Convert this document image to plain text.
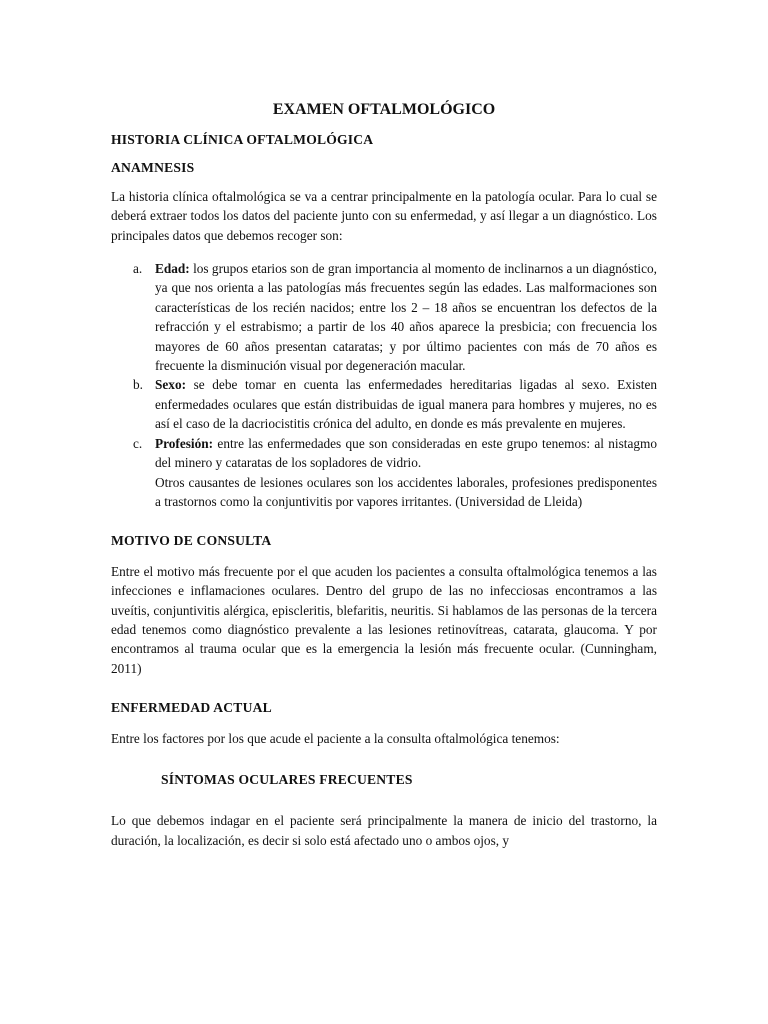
EXAMEN OFTALMOLÓGICO
HISTORIA CLÍNICA OFTALMOLÓGICA
ANAMNESIS

La historia clínica oftalmológica se va a centrar principalmente en la patología ocular. Para lo cual se deberá extraer todos los datos del paciente junto con su enfermedad, y así llegar a un diagnóstico. Los principales datos que debemos recoger son:

a. Edad: los grupos etarios son de gran importancia al momento de inclinarnos a un diagnóstico, ya que nos orienta a las patologías más frecuentes según las edades. Las malformaciones son características de los recién nacidos; entre los 2 – 18 años se encuentran los defectos de la refracción y el estrabismo; a partir de los 40 años aparece la presbicia; con frecuencia los mayores de 60 años presentan cataratas; y por último pacientes con más de 70 años es frecuente la disminución visual por degeneración macular.
b. Sexo: se debe tomar en cuenta las enfermedades hereditarias ligadas al sexo. Existen enfermedades oculares que están distribuidas de igual manera para hombres y mujeres, no es así el caso de la dacriocistitis crónica del adulto, en donde es más prevalente en mujeres.
c. Profesión: entre las enfermedades que son consideradas en este grupo tenemos: al nistagmo del minero y cataratas de los sopladores de vidrio.
Otros causantes de lesiones oculares son los accidentes laborales, profesiones predisponentes a trastornos como la conjuntivitis por vapores irritantes. (Universidad de Lleida)
MOTIVO DE CONSULTA

Entre el motivo más frecuente por el que acuden los pacientes a consulta oftalmológica tenemos a las infecciones e inflamaciones oculares. Dentro del grupo de las no infecciosas encontramos a las uveítis, conjuntivitis alérgica, episcleritis, blefaritis, neuritis. Si hablamos de las personas de la tercera edad tenemos como diagnóstico prevalente a las lesiones retinovítreas, catarata, glaucoma. Y por encontramos al trauma ocular que es la emergencia la lesión más frecuente ocular. (Cunningham, 2011)

ENFERMEDAD ACTUAL

Entre los factores por los que acude el paciente a la consulta oftalmológica tenemos:

SÍNTOMAS OCULARES FRECUENTES

Lo que debemos indagar en el paciente será principalmente la manera de inicio del trastorno, la duración, la localización, es decir si solo está afectado uno o ambos ojos, y
